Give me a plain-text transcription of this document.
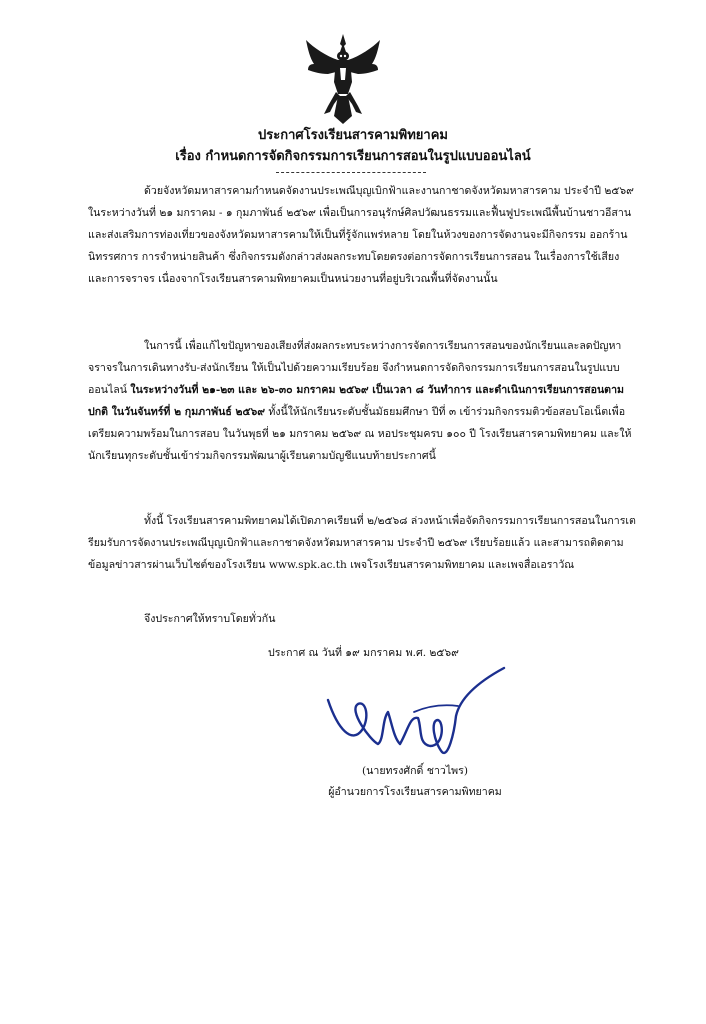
ประกาศโรงเรียนสารคามพิทยาคม
เรื่อง กำหนดการจัดกิจกรรมการเรียนการสอนในรูปแบบออนไลน์

ด้วยจังหวัดมหาสารคามกำหนดจัดงานประเพณีบุญเบิกฟ้าและงานกาชาดจังหวัดมหาสารคาม ประจำปี ๒๕๖๙ ในระหว่างวันที่ ๒๑ มกราคม - ๑ กุมภาพันธ์ ๒๕๖๙ เพื่อเป็นการอนุรักษ์ศิลปวัฒนธรรมและฟื้นฟูประเพณีพื้นบ้านชาวอีสานและส่งเสริมการท่องเที่ยวของจังหวัดมหาสารคามให้เป็นที่รู้จักแพร่หลาย โดยในห้วงของการจัดงานจะมีกิจกรรม ออกร้านนิทรรศการ การจำหน่ายสินค้า ซึ่งกิจกรรมดังกล่าวส่งผลกระทบโดยตรงต่อการจัดการเรียนการสอน ในเรื่องการใช้เสียงและการจราจร เนื่องจากโรงเรียนสารคามพิทยาคมเป็นหน่วยงานที่อยู่บริเวณพื้นที่จัดงานนั้น

ในการนี้ เพื่อแก้ไขปัญหาของเสียงที่ส่งผลกระทบระหว่างการจัดการเรียนการสอนของนักเรียนและลดปัญหาจราจรในการเดินทางรับ-ส่งนักเรียน ให้เป็นไปด้วยความเรียบร้อย จึงกำหนดการจัดกิจกรรมการเรียนการสอนในรูปแบบออนไลน์ ในระหว่างวันที่ ๒๑-๒๓ และ ๒๖-๓๐ มกราคม ๒๕๖๙ เป็นเวลา ๘ วันทำการ และดำเนินการเรียนการสอนตามปกติ ในวันจันทร์ที่ ๒ กุมภาพันธ์ ๒๕๖๙ ทั้งนี้ให้นักเรียนระดับชั้นมัธยมศึกษา ปีที่ ๓ เข้าร่วมกิจกรรมติวข้อสอบโอเน็ตเพื่อเตรียมความพร้อมในการสอบ ในวันพุธที่ ๒๑ มกราคม ๒๕๖๙ ณ หอประชุมครบ ๑๐๐ ปี โรงเรียนสารคามพิทยาคม และให้นักเรียนทุกระดับชั้นเข้าร่วมกิจกรรมพัฒนาผู้เรียนตามบัญชีแนบท้ายประกาศนี้

ทั้งนี้ โรงเรียนสารคามพิทยาคมได้เปิดภาคเรียนที่ ๒/๒๕๖๘ ล่วงหน้าเพื่อจัดกิจกรรมการเรียนการสอนในการเตรียมรับการจัดงานประเพณีบุญเบิกฟ้าและกาชาดจังหวัดมหาสารคาม ประจำปี ๒๕๖๙ เรียบร้อยแล้ว และสามารถติดตามข้อมูลข่าวสารผ่านเว็บไซต์ของโรงเรียน www.spk.ac.th เพจโรงเรียนสารคามพิทยาคม และเพจสื่อเอราวัณ

จึงประกาศให้ทราบโดยทั่วกัน

ประกาศ ณ วันที่ ๑๙ มกราคม พ.ศ. ๒๕๖๙
(นายทรงศักดิ์ ชาวไพร)
ผู้อำนวยการโรงเรียนสารคามพิทยาคม
